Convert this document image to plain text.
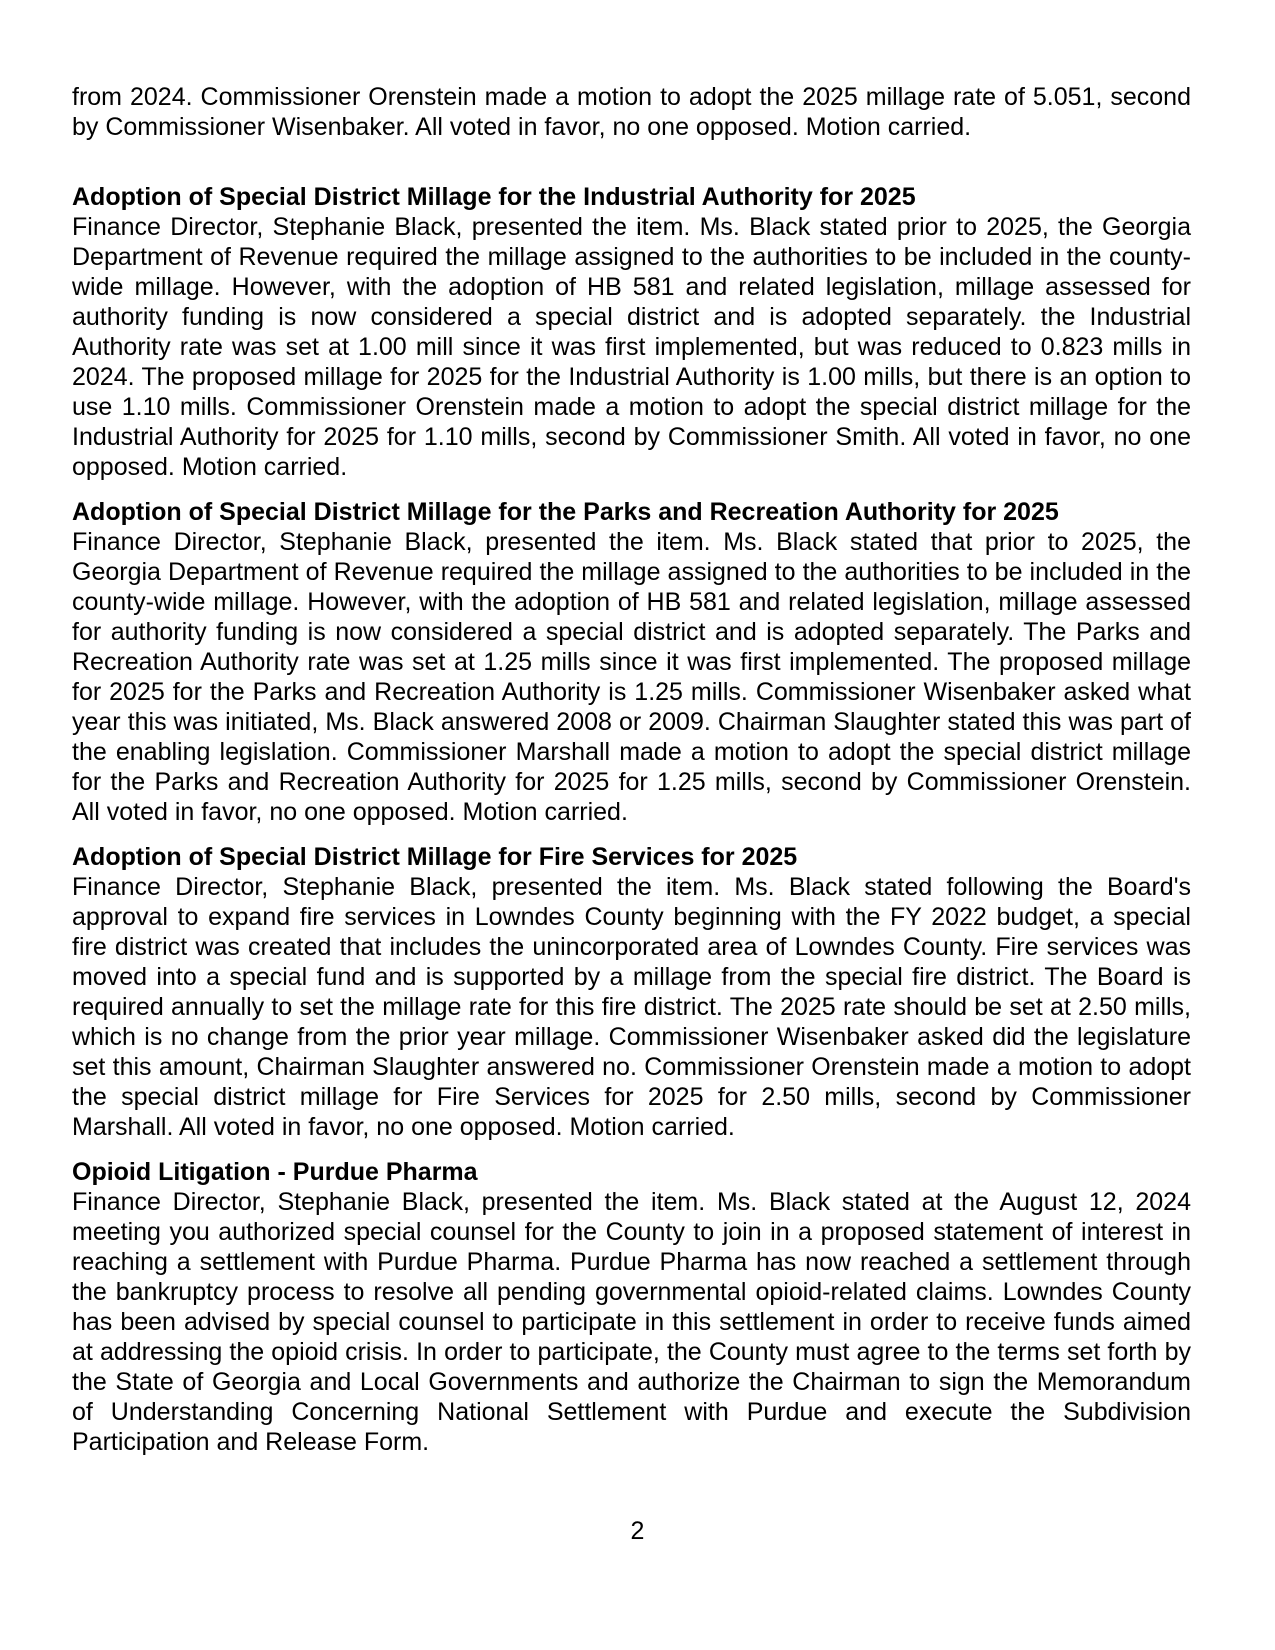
from 2024. Commissioner Orenstein made a motion to adopt the 2025 millage rate of 5.051, second by Commissioner Wisenbaker. All voted in favor, no one opposed. Motion carried.

Adoption of Special District Millage for the Industrial Authority for 2025

Finance Director, Stephanie Black, presented the item. Ms. Black stated prior to 2025, the Georgia Department of Revenue required the millage assigned to the authorities to be included in the county-wide millage. However, with the adoption of HB 581 and related legislation, millage assessed for authority funding is now considered a special district and is adopted separately. the Industrial Authority rate was set at 1.00 mill since it was first implemented, but was reduced to 0.823 mills in 2024. The proposed millage for 2025 for the Industrial Authority is 1.00 mills, but there is an option to use 1.10 mills. Commissioner Orenstein made a motion to adopt the special district millage for the Industrial Authority for 2025 for 1.10 mills, second by Commissioner Smith. All voted in favor, no one opposed. Motion carried.

Adoption of Special District Millage for the Parks and Recreation Authority for 2025

Finance Director, Stephanie Black, presented the item. Ms. Black stated that prior to 2025, the Georgia Department of Revenue required the millage assigned to the authorities to be included in the county-wide millage. However, with the adoption of HB 581 and related legislation, millage assessed for authority funding is now considered a special district and is adopted separately. The Parks and Recreation Authority rate was set at 1.25 mills since it was first implemented. The proposed millage for 2025 for the Parks and Recreation Authority is 1.25 mills. Commissioner Wisenbaker asked what year this was initiated, Ms. Black answered 2008 or 2009. Chairman Slaughter stated this was part of the enabling legislation. Commissioner Marshall made a motion to adopt the special district millage for the Parks and Recreation Authority for 2025 for 1.25 mills, second by Commissioner Orenstein. All voted in favor, no one opposed. Motion carried.

Adoption of Special District Millage for Fire Services for 2025

Finance Director, Stephanie Black, presented the item. Ms. Black stated following the Board's approval to expand fire services in Lowndes County beginning with the FY 2022 budget, a special fire district was created that includes the unincorporated area of Lowndes County. Fire services was moved into a special fund and is supported by a millage from the special fire district. The Board is required annually to set the millage rate for this fire district. The 2025 rate should be set at 2.50 mills, which is no change from the prior year millage. Commissioner Wisenbaker asked did the legislature set this amount, Chairman Slaughter answered no. Commissioner Orenstein made a motion to adopt the special district millage for Fire Services for 2025 for 2.50 mills, second by Commissioner Marshall. All voted in favor, no one opposed. Motion carried.

Opioid Litigation - Purdue Pharma

Finance Director, Stephanie Black, presented the item. Ms. Black stated at the August 12, 2024 meeting you authorized special counsel for the County to join in a proposed statement of interest in reaching a settlement with Purdue Pharma. Purdue Pharma has now reached a settlement through the bankruptcy process to resolve all pending governmental opioid-related claims. Lowndes County has been advised by special counsel to participate in this settlement in order to receive funds aimed at addressing the opioid crisis. In order to participate, the County must agree to the terms set forth by the State of Georgia and Local Governments and authorize the Chairman to sign the Memorandum of Understanding Concerning National Settlement with Purdue and execute the Subdivision Participation and Release Form.

2
